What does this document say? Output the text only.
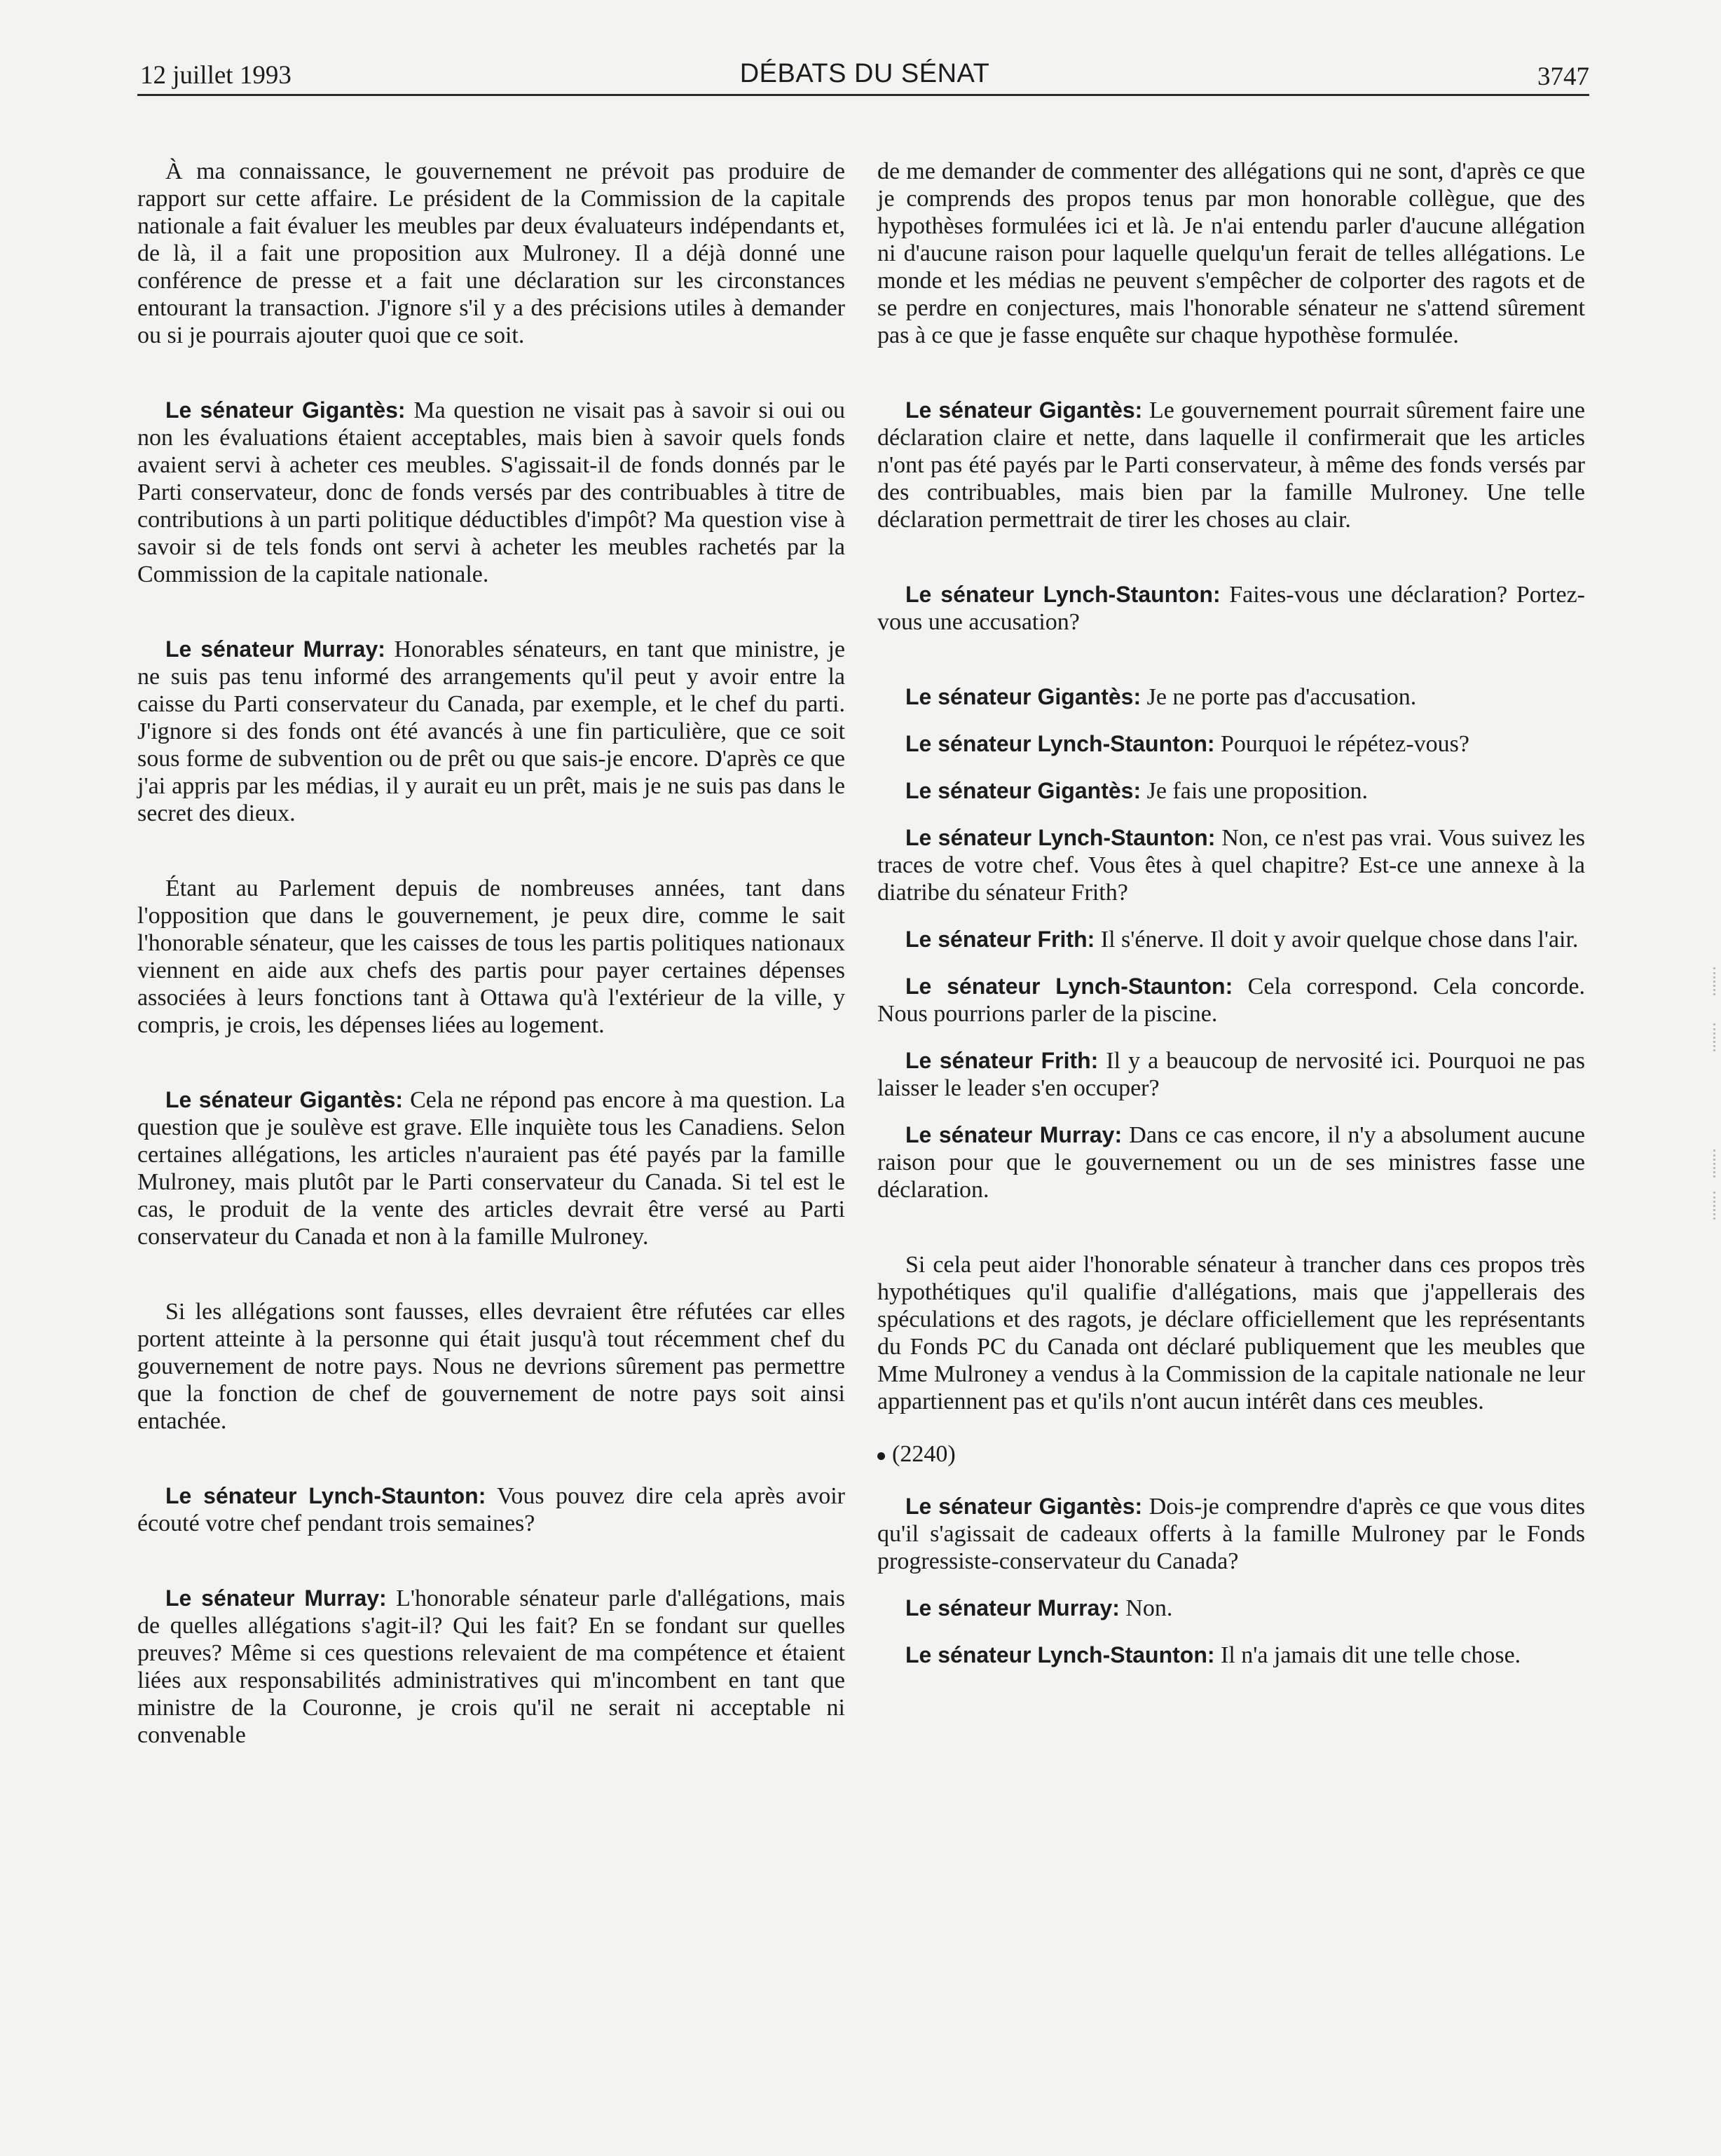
12 juillet 1993	DÉBATS DU SÉNAT	3747

À ma connaissance, le gouvernement ne prévoit pas produire de rapport sur cette affaire. Le président de la Commission de la capitale nationale a fait évaluer les meubles par deux évaluateurs indépendants et, de là, il a fait une proposition aux Mulroney. Il a déjà donné une conférence de presse et a fait une déclaration sur les circonstances entourant la transaction. J'ignore s'il y a des précisions utiles à demander ou si je pourrais ajouter quoi que ce soit.

Le sénateur Gigantès: Ma question ne visait pas à savoir si oui ou non les évaluations étaient acceptables, mais bien à savoir quels fonds avaient servi à acheter ces meubles. S'agissait-il de fonds donnés par le Parti conservateur, donc de fonds versés par des contribuables à titre de contributions à un parti politique déductibles d'impôt? Ma question vise à savoir si de tels fonds ont servi à acheter les meubles rachetés par la Commission de la capitale nationale.

Le sénateur Murray: Honorables sénateurs, en tant que ministre, je ne suis pas tenu informé des arrangements qu'il peut y avoir entre la caisse du Parti conservateur du Canada, par exemple, et le chef du parti. J'ignore si des fonds ont été avancés à une fin particulière, que ce soit sous forme de subvention ou de prêt ou que sais-je encore. D'après ce que j'ai appris par les médias, il y aurait eu un prêt, mais je ne suis pas dans le secret des dieux.

Étant au Parlement depuis de nombreuses années, tant dans l'opposition que dans le gouvernement, je peux dire, comme le sait l'honorable sénateur, que les caisses de tous les partis politiques nationaux viennent en aide aux chefs des partis pour payer certaines dépenses associées à leurs fonctions tant à Ottawa qu'à l'extérieur de la ville, y compris, je crois, les dépenses liées au logement.

Le sénateur Gigantès: Cela ne répond pas encore à ma question. La question que je soulève est grave. Elle inquiète tous les Canadiens. Selon certaines allégations, les articles n'auraient pas été payés par la famille Mulroney, mais plutôt par le Parti conservateur du Canada. Si tel est le cas, le produit de la vente des articles devrait être versé au Parti conservateur du Canada et non à la famille Mulroney.

Si les allégations sont fausses, elles devraient être réfutées car elles portent atteinte à la personne qui était jusqu'à tout récemment chef du gouvernement de notre pays. Nous ne devrions sûrement pas permettre que la fonction de chef de gouvernement de notre pays soit ainsi entachée.

Le sénateur Lynch-Staunton: Vous pouvez dire cela après avoir écouté votre chef pendant trois semaines?

Le sénateur Murray: L'honorable sénateur parle d'allégations, mais de quelles allégations s'agit-il? Qui les fait? En se fondant sur quelles preuves? Même si ces questions relevaient de ma compétence et étaient liées aux responsabilités administratives qui m'incombent en tant que ministre de la Couronne, je crois qu'il ne serait ni acceptable ni convenable

de me demander de commenter des allégations qui ne sont, d'après ce que je comprends des propos tenus par mon honorable collègue, que des hypothèses formulées ici et là. Je n'ai entendu parler d'aucune allégation ni d'aucune raison pour laquelle quelqu'un ferait de telles allégations. Le monde et les médias ne peuvent s'empêcher de colporter des ragots et de se perdre en conjectures, mais l'honorable sénateur ne s'attend sûrement pas à ce que je fasse enquête sur chaque hypothèse formulée.

Le sénateur Gigantès: Le gouvernement pourrait sûrement faire une déclaration claire et nette, dans laquelle il confirmerait que les articles n'ont pas été payés par le Parti conservateur, à même des fonds versés par des contribuables, mais bien par la famille Mulroney. Une telle déclaration permettrait de tirer les choses au clair.

Le sénateur Lynch-Staunton: Faites-vous une déclaration? Portez-vous une accusation?

Le sénateur Gigantès: Je ne porte pas d'accusation.

Le sénateur Lynch-Staunton: Pourquoi le répétez-vous?

Le sénateur Gigantès: Je fais une proposition.

Le sénateur Lynch-Staunton: Non, ce n'est pas vrai. Vous suivez les traces de votre chef. Vous êtes à quel chapitre? Est-ce une annexe à la diatribe du sénateur Frith?

Le sénateur Frith: Il s'énerve. Il doit y avoir quelque chose dans l'air.

Le sénateur Lynch-Staunton: Cela correspond. Cela concorde. Nous pourrions parler de la piscine.

Le sénateur Frith: Il y a beaucoup de nervosité ici. Pourquoi ne pas laisser le leader s'en occuper?

Le sénateur Murray: Dans ce cas encore, il n'y a absolument aucune raison pour que le gouvernement ou un de ses ministres fasse une déclaration.

Si cela peut aider l'honorable sénateur à trancher dans ces propos très hypothétiques qu'il qualifie d'allégations, mais que j'appellerais des spéculations et des ragots, je déclare officiellement que les représentants du Fonds PC du Canada ont déclaré publiquement que les meubles que Mme Mulroney a vendus à la Commission de la capitale nationale ne leur appartiennent pas et qu'ils n'ont aucun intérêt dans ces meubles.

(2240)

Le sénateur Gigantès: Dois-je comprendre d'après ce que vous dites qu'il s'agissait de cadeaux offerts à la famille Mulroney par le Fonds progressiste-conservateur du Canada?

Le sénateur Murray: Non.

Le sénateur Lynch-Staunton: Il n'a jamais dit une telle chose.
